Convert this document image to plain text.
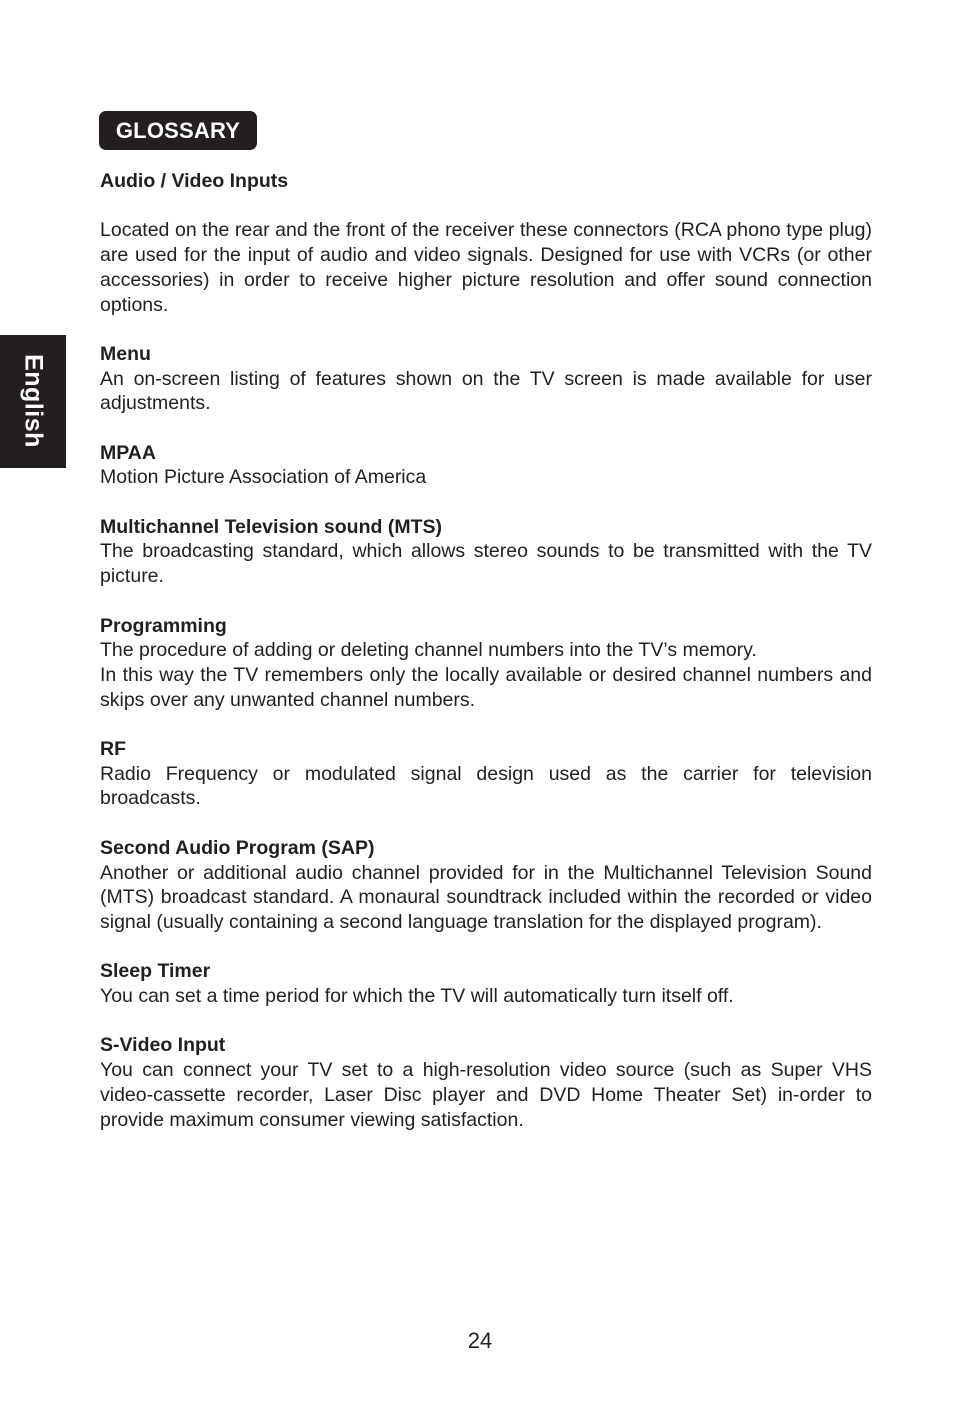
GLOSSARY
English

Audio / Video Inputs

Located on the rear and the front of the receiver these connectors (RCA phono type plug) are used for the input of audio and video signals. Designed for use with VCRs (or other accessories) in order to receive higher picture resolution and offer sound connection options.

Menu

An on-screen listing of features shown on the TV screen is made available for user adjustments.

MPAA

Motion Picture Association of America

Multichannel Television sound (MTS)

The broadcasting standard, which allows stereo sounds to be transmitted with the TV picture.

Programming

The procedure of adding or deleting channel numbers into the TV’s memory.

In this way the TV remembers only the locally available or desired channel numbers and skips over any unwanted channel numbers.

RF

Radio Frequency or modulated signal design used as the carrier for television broadcasts.

Second Audio Program (SAP)

Another or additional audio channel provided for in the Multichannel Television Sound (MTS) broadcast standard. A monaural soundtrack included within the recorded or video signal (usually containing a second language translation for the displayed program).

Sleep Timer

You can set a time period for which the TV will automatically turn itself off.

S-Video Input

You can connect your TV set to a high-resolution video source (such as Super VHS video-cassette recorder, Laser Disc player and DVD Home Theater Set) in-order to provide maximum consumer viewing satisfaction.

24
